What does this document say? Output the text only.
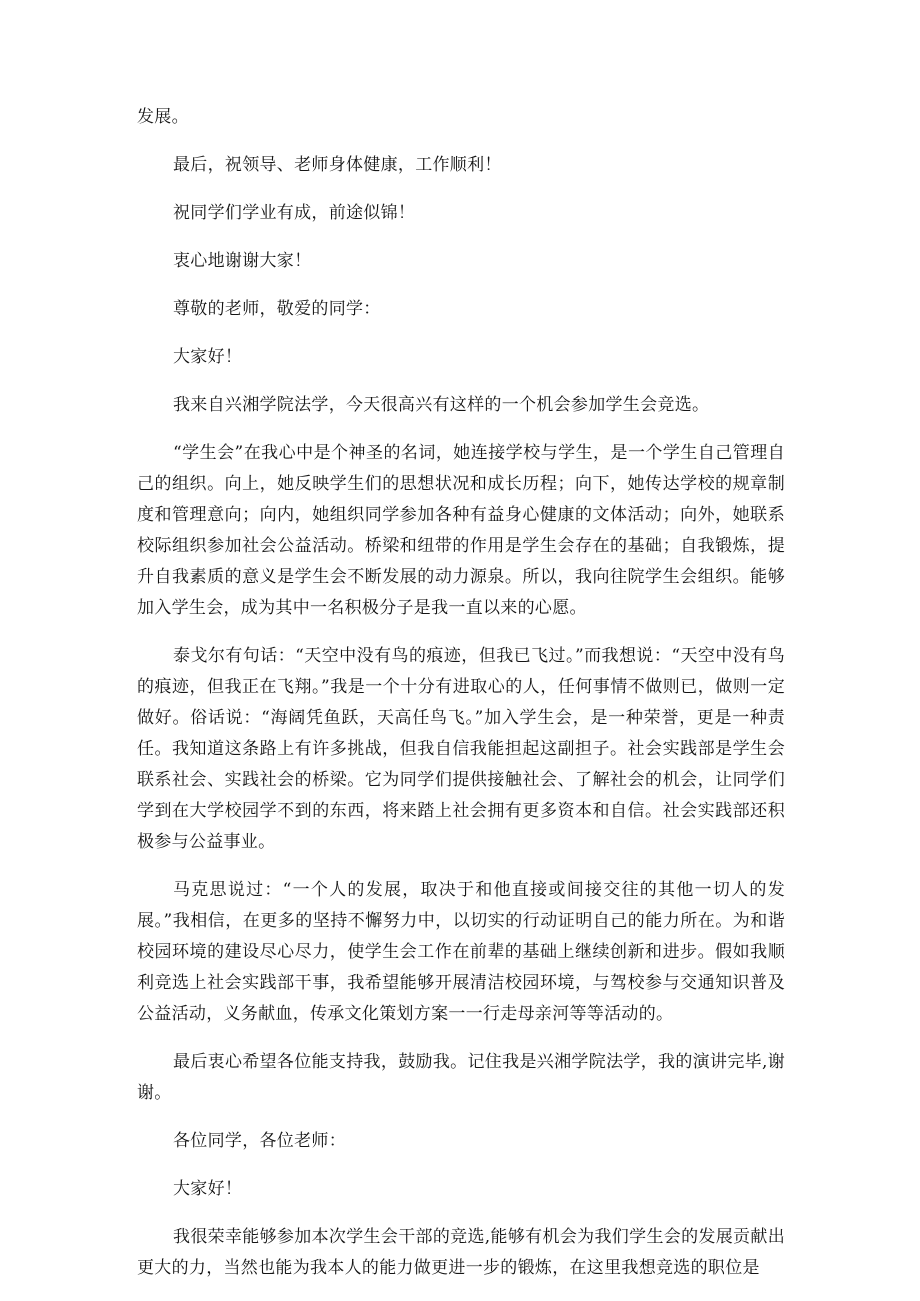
发展。

最后，祝领导、老师身体健康，工作顺利！

祝同学们学业有成，前途似锦！

衷心地谢谢大家！

尊敬的老师，敬爱的同学：

大家好！

我来自兴湘学院法学，今天很高兴有这样的一个机会参加学生会竞选。

“学生会”在我心中是个神圣的名词，她连接学校与学生，是一个学生自己管理自己的组织。向上，她反映学生们的思想状况和成长历程；向下，她传达学校的规章制度和管理意向；向内，她组织同学参加各种有益身心健康的文体活动；向外，她联系校际组织参加社会公益活动。桥梁和纽带的作用是学生会存在的基础；自我锻炼，提升自我素质的意义是学生会不断发展的动力源泉。所以，我向往院学生会组织。能够加入学生会，成为其中一名积极分子是我一直以来的心愿。

泰戈尔有句话：“天空中没有鸟的痕迹，但我已飞过。”而我想说：“天空中没有鸟的痕迹，但我正在飞翔。”我是一个十分有进取心的人，任何事情不做则已，做则一定做好。俗话说：“海阔凭鱼跃，天高任鸟飞。”加入学生会，是一种荣誉，更是一种责任。我知道这条路上有许多挑战，但我自信我能担起这副担子。社会实践部是学生会联系社会、实践社会的桥梁。它为同学们提供接触社会、了解社会的机会，让同学们学到在大学校园学不到的东西，将来踏上社会拥有更多资本和自信。社会实践部还积极参与公益事业。

马克思说过：“一个人的发展，取决于和他直接或间接交往的其他一切人的发展。”我相信，在更多的坚持不懈努力中，以切实的行动证明自己的能力所在。为和谐校园环境的建设尽心尽力，使学生会工作在前辈的基础上继续创新和进步。假如我顺利竞选上社会实践部干事，我希望能够开展清洁校园环境，与驾校参与交通知识普及公益活动，义务献血，传承文化策划方案一一行走母亲河等等活动的。

最后衷心希望各位能支持我，鼓励我。记住我是兴湘学院法学，我的演讲完毕,谢谢。

各位同学，各位老师：

大家好！

我很荣幸能够参加本次学生会干部的竞选,能够有机会为我们学生会的发展贡献出更大的力，当然也能为我本人的能力做更进一步的锻炼，在这里我想竞选的职位是
